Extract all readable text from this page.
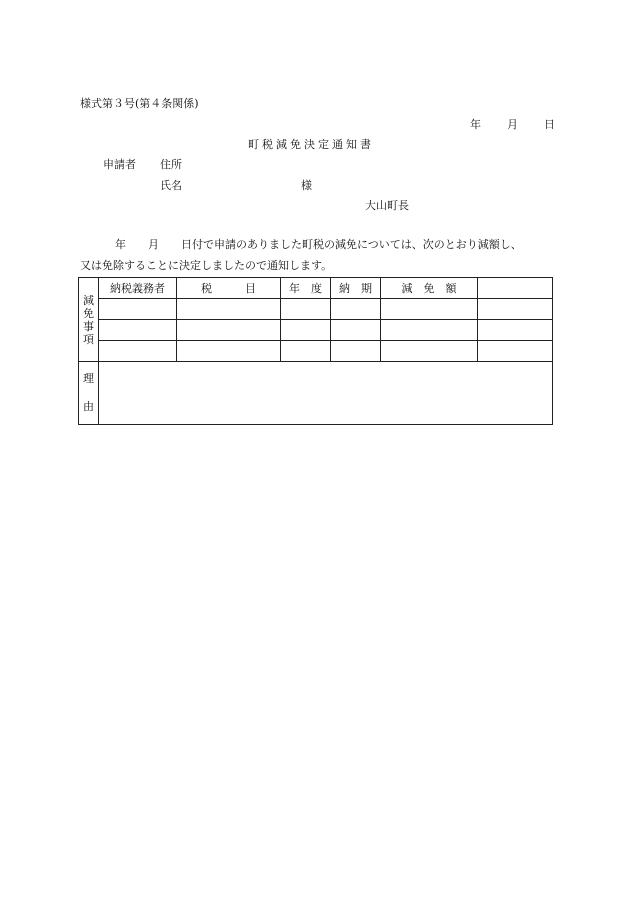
様式第３号(第４条関係)
年 月 日
町税減免決定通知書
申請者 住所
氏名	様
大山町長
年　　月　　日付で申請のありました町税の減免については、次のとおり減額し、
又は免除することに決定しましたので通知します。
減免事項	納税義務者	税　　　目	年　度	納　期	減　免　額	

理由						
